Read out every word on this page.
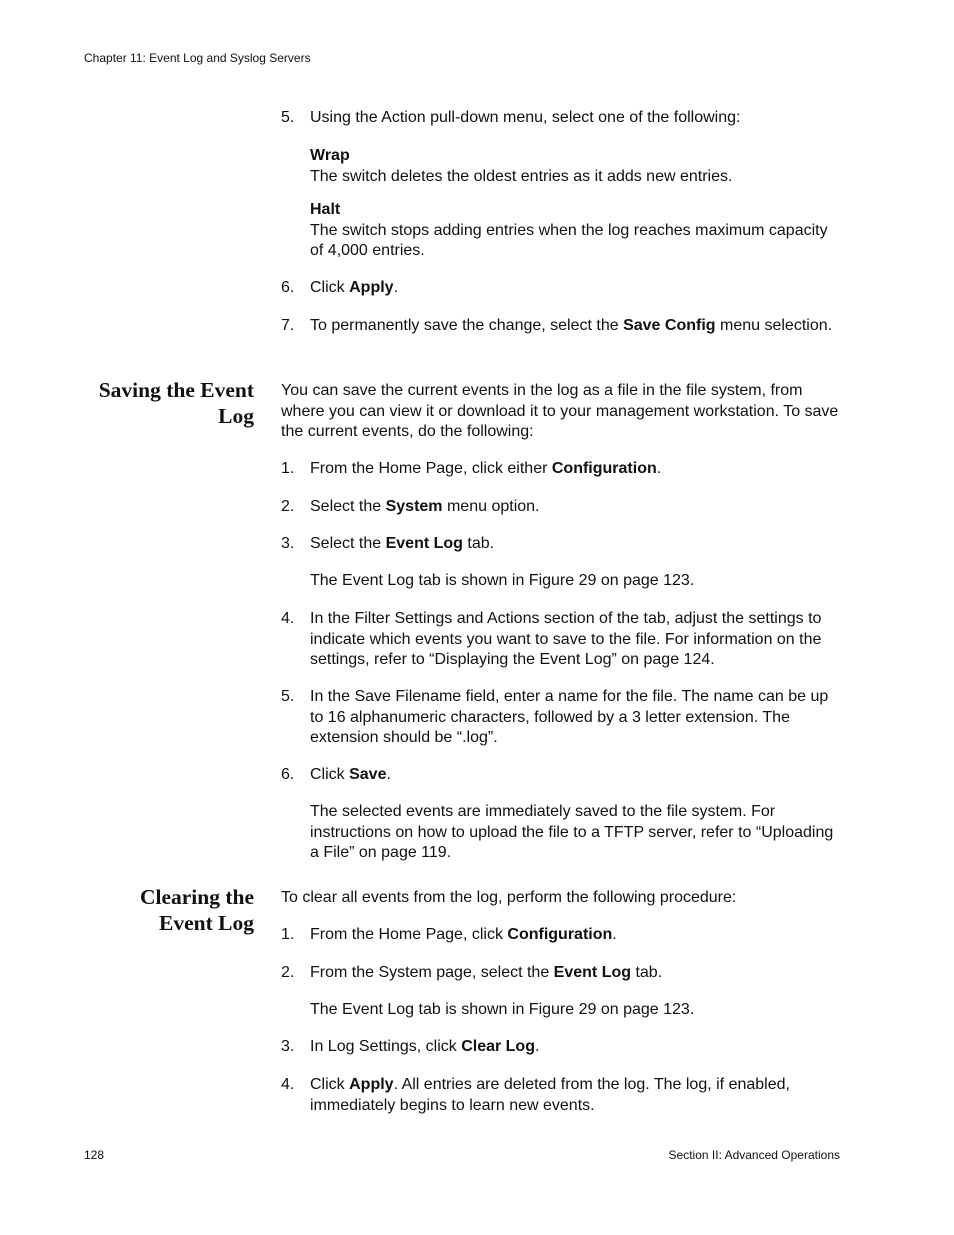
Chapter 11: Event Log and Syslog Servers
Saving the Event
Log
Clearing the
Event Log
5. Using the Action pull-down menu, select one of the following:
Wrap
The switch deletes the oldest entries as it adds new entries.
Halt
The switch stops adding entries when the log reaches maximum capacity of 4,000 entries.
6. Click Apply.
7. To permanently save the change, select the Save Config menu selection.
You can save the current events in the log as a file in the file system, from where you can view it or download it to your management workstation. To save the current events, do the following:
1. From the Home Page, click either Configuration.
2. Select the System menu option.
3. Select the Event Log tab.
The Event Log tab is shown in Figure 29 on page 123.
4. In the Filter Settings and Actions section of the tab, adjust the settings to indicate which events you want to save to the file. For information on the settings, refer to “Displaying the Event Log” on page 124.
5. In the Save Filename field, enter a name for the file. The name can be up to 16 alphanumeric characters, followed by a 3 letter extension. The extension should be “.log”.
6. Click Save.
The selected events are immediately saved to the file system. For instructions on how to upload the file to a TFTP server, refer to “Uploading a File” on page 119.
To clear all events from the log, perform the following procedure:
1. From the Home Page, click Configuration.
2. From the System page, select the Event Log tab.
The Event Log tab is shown in Figure 29 on page 123.
3. In Log Settings, click Clear Log.
4. Click Apply. All entries are deleted from the log. The log, if enabled, immediately begins to learn new events.
128	Section II: Advanced Operations
